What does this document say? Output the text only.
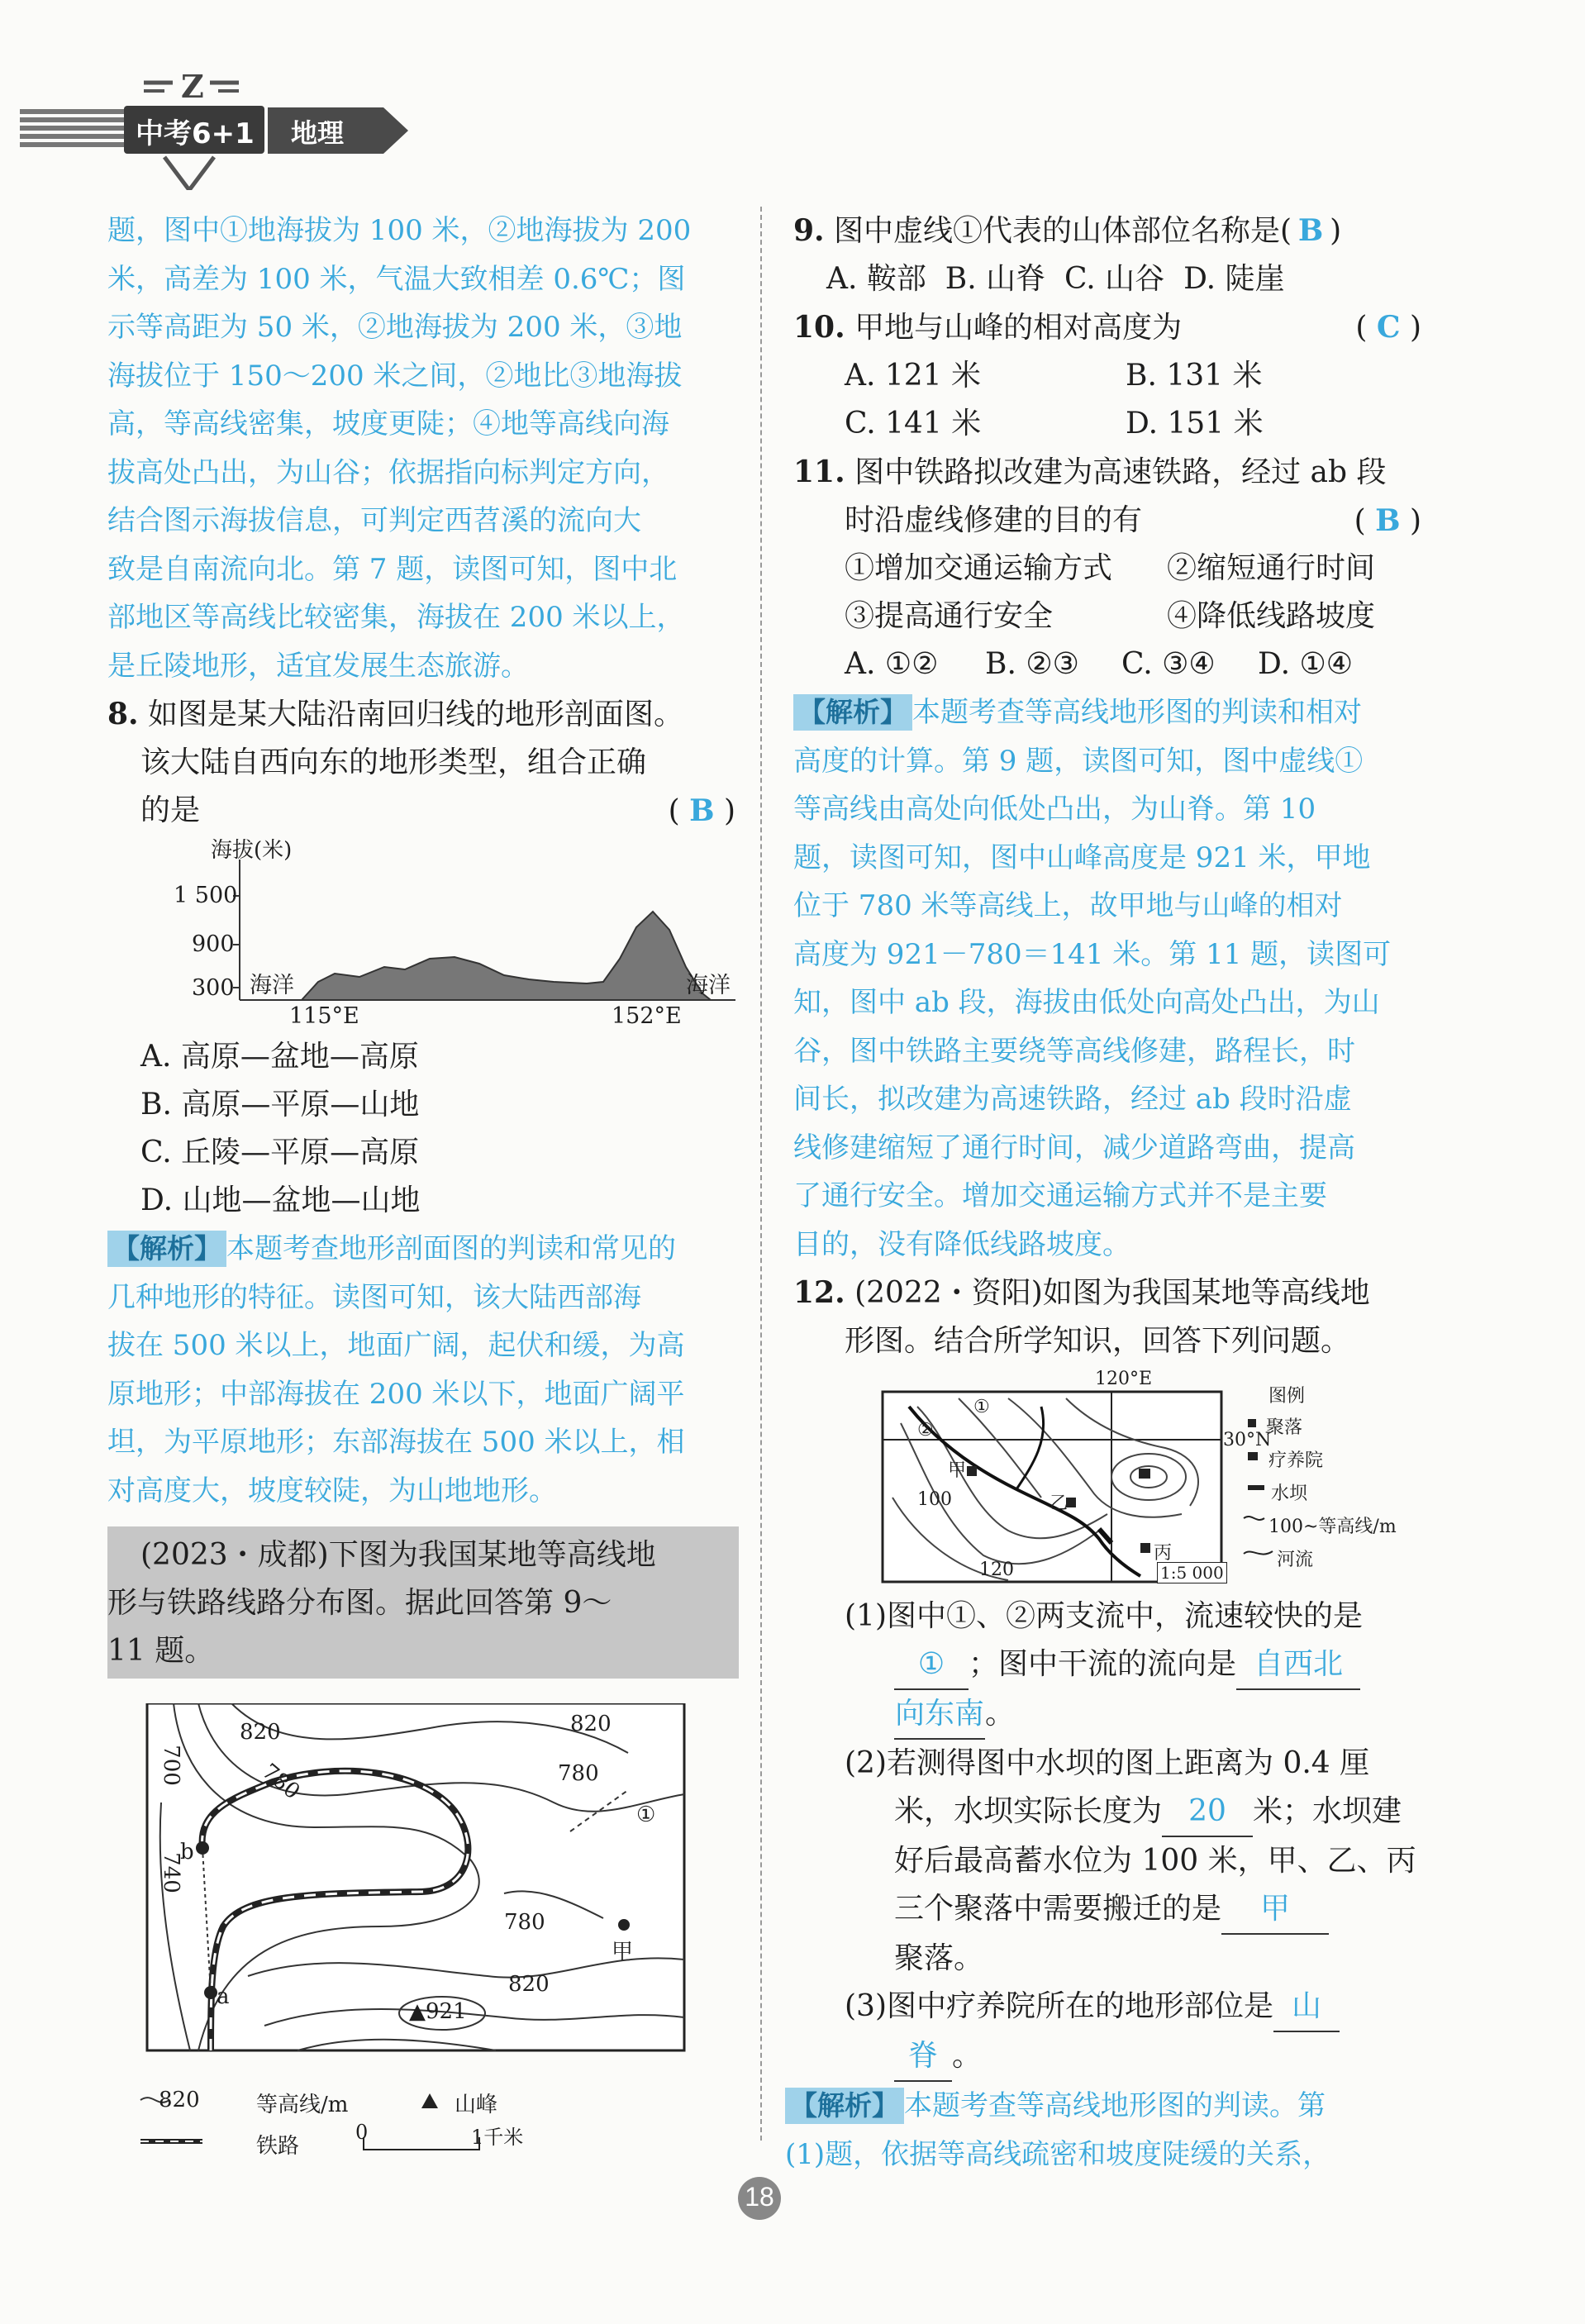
Z
中考6+1 地理
题，图中①地海拔为 100 米，②地海拔为 200
米，高差为 100 米，气温大致相差 0.6℃；图
示等高距为 50 米，②地海拔为 200 米，③地
海拔位于 150～200 米之间，②地比③地海拔
高，等高线密集，坡度更陡；④地等高线向海
拔高处凸出，为山谷；依据指向标判定方向，
结合图示海拔信息，可判定西苕溪的流向大
致是自南流向北。第 7 题，读图可知，图中北
部地区等高线比较密集，海拔在 200 米以上，
是丘陵地形，适宜发展生态旅游。
8. 如图是某大陆沿南回归线的地形剖面图。
该大陆自西向东的地形类型，组合正确
的是	( B )
海拔(米)
1 500
900
300 海洋	海洋
115°E	152°E
A. 高原—盆地—高原
B. 高原—平原—山地
C. 丘陵—平原—高原
D. 山地—盆地—山地
【解析】 本题考查地形剖面图的判读和常见的
几种地形的特征。读图可知，该大陆西部海
拔在 500 米以上，地面广阔，起伏和缓，为高
原地形；中部海拔在 200 米以下，地面广阔平
坦，为平原地形；东部海拔在 500 米以上，相
对高度大，坡度较陡，为山地地形。
(2023・成都)下图为我国某地等高线地
形与铁路线路分布图。据此回答第 9～
11 题。
820	820
780	780
700
740
780
820
▲921
a
b
甲
①
820	等高线/m	山峰
铁路
0	1千米
9. 图中虚线①代表的山体部位名称是( B )
A. 鞍部 B. 山脊 C. 山谷 D. 陡崖
10. 甲地与山峰的相对高度为	( C )
A. 121 米	B. 131 米
C. 141 米	D. 151 米
11. 图中铁路拟改建为高速铁路，经过 ab 段
时沿虚线修建的目的有	( B )
①增加交通运输方式 ②缩短通行时间
③提高通行安全	④降低线路坡度
A. ①② B. ②③ C. ③④ D. ①④
【解析】 本题考查等高线地形图的判读和相对
高度的计算。第 9 题，读图可知，图中虚线①
等高线由高处向低处凸出，为山脊。第 10
题，读图可知，图中山峰高度是 921 米，甲地
位于 780 米等高线上，故甲地与山峰的相对
高度为 921－780＝141 米。第 11 题，读图可
知，图中 ab 段，海拔由低处向高处凸出，为山
谷，图中铁路主要绕等高线修建，路程长，时
间长，拟改建为高速铁路，经过 ab 段时沿虚
线修建缩短了通行时间，减少道路弯曲，提高
了通行安全。增加交通运输方式并不是主要
目的，没有降低线路坡度。
12. (2022・资阳)如图为我国某地等高线地
形图。结合所学知识，回答下列问题。
120°E
30°N
100
120	1:5 000
①
②
甲
乙
丙
图例
聚落
疗养院
水坝
100~等高线/m
河流
(1)图中①、②两支流中，流速较快的是
① ；图中干流的流向是 自西北
向东南。
(2)若测得图中水坝的图上距离为 0.4 厘
米，水坝实际长度为 20 米；水坝建
好后最高蓄水位为 100 米，甲、乙、丙
三个聚落中需要搬迁的是 甲
聚落。
(3)图中疗养院所在的地形部位是 山
脊 。
【解析】 本题考查等高线地形图的判读。第
(1)题，依据等高线疏密和坡度陡缓的关系，
18
